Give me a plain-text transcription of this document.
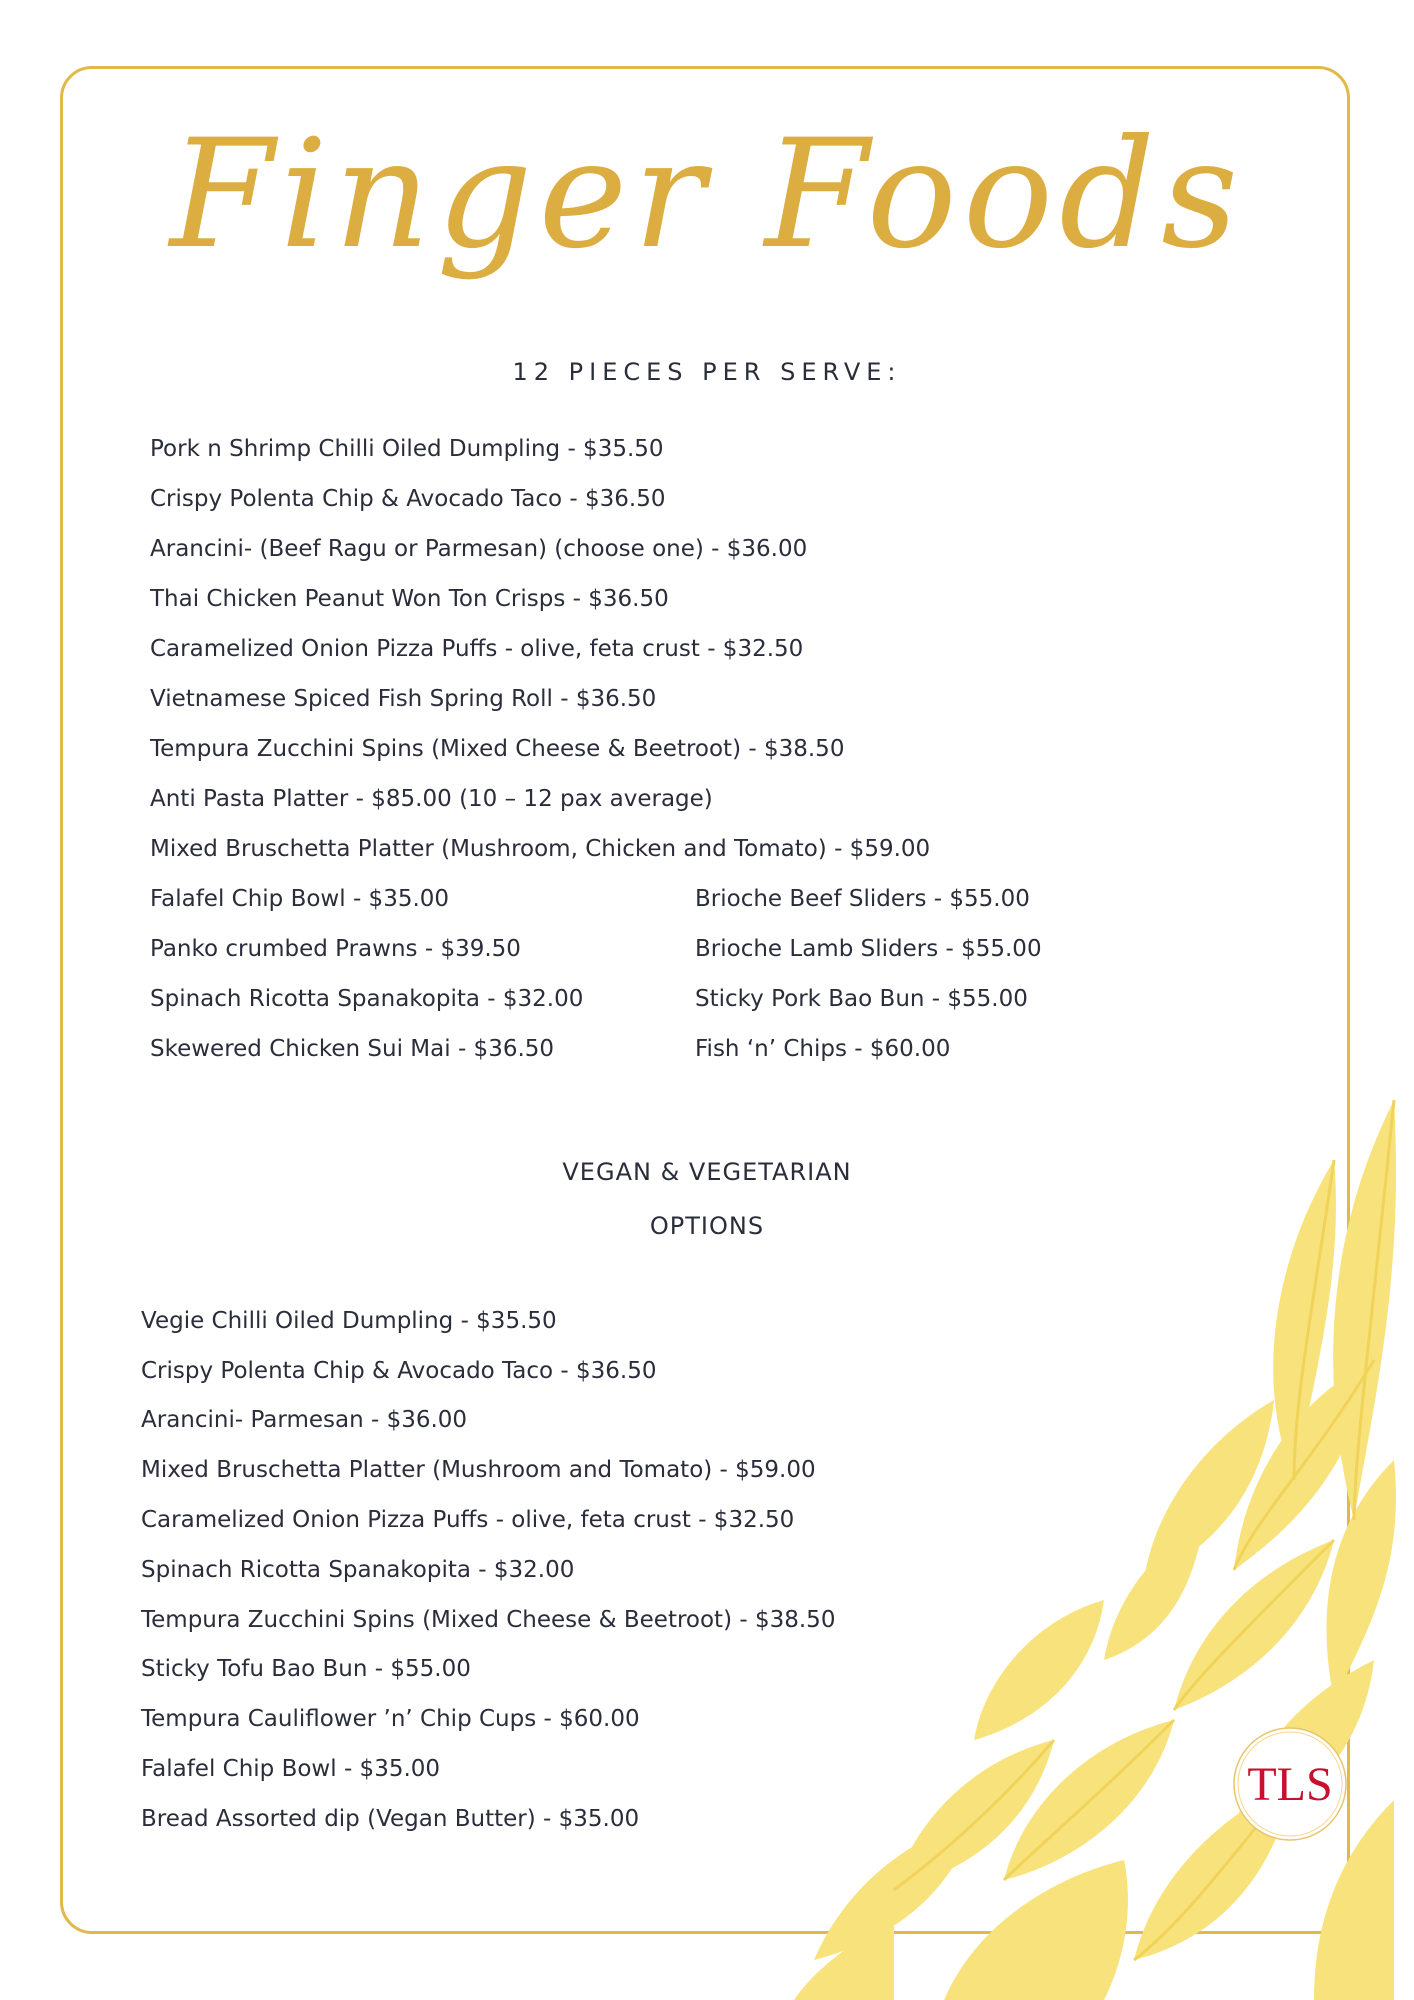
Finger Foods
12 PIECES PER SERVE:
Pork n Shrimp Chilli Oiled Dumpling - $35.50
Crispy Polenta Chip & Avocado Taco - $36.50
Arancini- (Beef Ragu or Parmesan) (choose one) - $36.00
Thai Chicken Peanut Won Ton Crisps - $36.50
Caramelized Onion Pizza Puffs - olive, feta crust - $32.50
Vietnamese Spiced Fish Spring Roll - $36.50
Tempura Zucchini Spins (Mixed Cheese & Beetroot) - $38.50
Anti Pasta Platter - $85.00 (10 – 12 pax average)
Mixed Bruschetta Platter (Mushroom, Chicken and Tomato) - $59.00
Falafel Chip Bowl - $35.00
Panko crumbed Prawns - $39.50
Spinach Ricotta Spanakopita - $32.00
Skewered Chicken Sui Mai - $36.50
Brioche Beef Sliders - $55.00
Brioche Lamb Sliders - $55.00
Sticky Pork Bao Bun - $55.00
Fish ‘n’ Chips - $60.00
VEGAN & VEGETARIAN
OPTIONS
Vegie Chilli Oiled Dumpling - $35.50
Crispy Polenta Chip & Avocado Taco - $36.50
Arancini- Parmesan - $36.00
Mixed Bruschetta Platter (Mushroom and Tomato) - $59.00
Caramelized Onion Pizza Puffs - olive, feta crust - $32.50
Spinach Ricotta Spanakopita - $32.00
Tempura Zucchini Spins (Mixed Cheese & Beetroot) - $38.50
Sticky Tofu Bao Bun - $55.00
Tempura Cauliflower ’n’ Chip Cups - $60.00
Falafel Chip Bowl - $35.00
Bread Assorted dip (Vegan Butter) - $35.00
TLS
